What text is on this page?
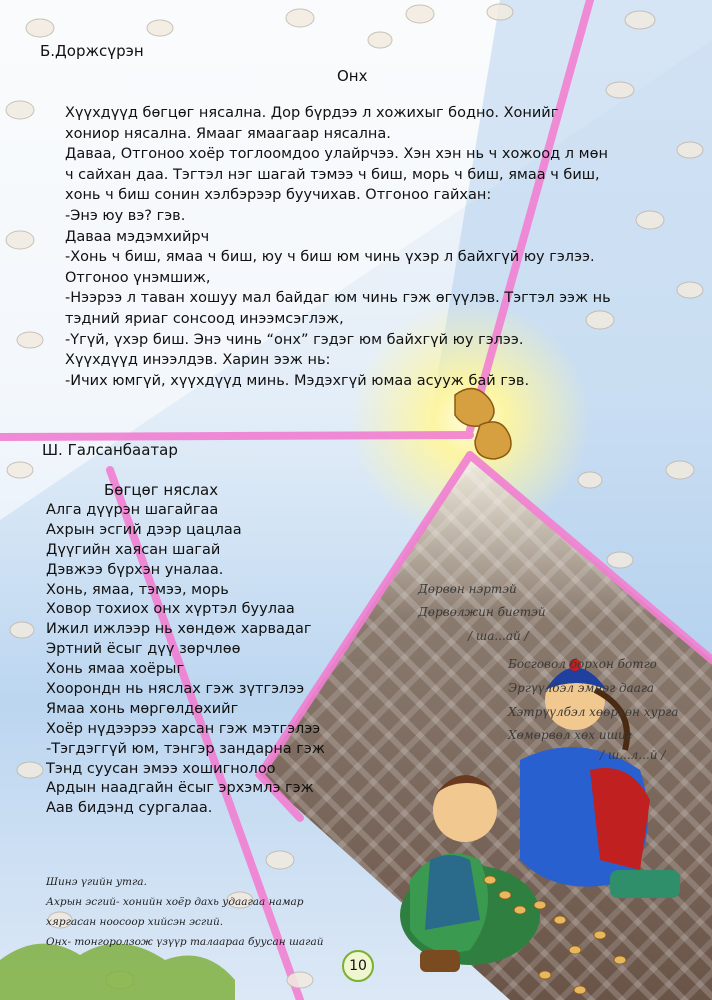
Б.Доржсүрэн
Онх
Хүүхдүүд бөгцөг нясална. Дор бүрдээ л хожихыг бодно. Хонийг
хониор нясална. Ямааг ямаагаар нясална.
Даваа, Отгоноо хоёр тоглоомдоо улайрчээ. Хэн хэн нь ч хожоод л мөн
ч сайхан даа. Тэгтэл нэг шагай тэмээ ч биш, морь ч биш, ямаа ч биш,
хонь ч биш сонин хэлбэрээр буучихав. Отгоноо гайхан:
-Энэ юу вэ? гэв.
Даваа мэдэмхийрч
-Хонь ч биш, ямаа ч биш, юу ч биш юм чинь үхэр л байхгүй юу гэлээ.
Отгоноо үнэмшиж,
-Нээрээ л таван хошуу мал байдаг юм чинь гэж өгүүлэв. Тэгтэл ээж нь
тэдний яриаг сонсоод инээмсэглэж,
-Үгүй, үхэр биш. Энэ чинь “онх” гэдэг юм байхгүй юу гэлээ.
Хүүхдүүд инээлдэв. Харин ээж нь:
-Ичих юмгүй, хүүхдүүд минь. Мэдэхгүй юмаа асууж бай гэв.
Ш. Галсанбаатар
Бөгцөг няслах
Алга дүүрэн шагайгаа
Ахрын эсгий дээр цацлаа
Дүүгийн хаясан шагай
Дэвжээ бүрхэн уналаа.
Хонь, ямаа, тэмээ, морь
Ховор тохиох онх хүртэл буулаа
Ижил ижлээр нь хөндөж харвадаг
Эртний ёсыг дүү зөрчлөө
Хонь ямаа хоёрыг
Хоорондн нь няслах гэж зүтгэлээ
Ямаа хонь мөргөлдөхийг
Хоёр нүдээрээ харсан гэж мэтгэлээ
-Тэгдэггүй юм, тэнгэр зандарна гэж
Тэнд суусан эмээ хошигнолоо
Ардын наадгайн ёсыг эрхэмлэ гэж
Аав бидэнд сургалаа.
Дөрвөн нэртэй
Дөрвөлжин биетэй
/ ша...ай /
Босговол борхон ботго
Эргүүлбэл эмнэг даага
Хэтрүүлбэл хөөрхөн хурга
Хөмөрвөл хөх ишиг
/ ш...л...й /
Шинэ үгийн утга.
Ахрын эсгий- хонийн хоёр дахь удаагаа намар
хяргасан ноосоор хийсэн эсгий.
Онх- тонгоролзож үзүүр талаараа буусан шагай
10
